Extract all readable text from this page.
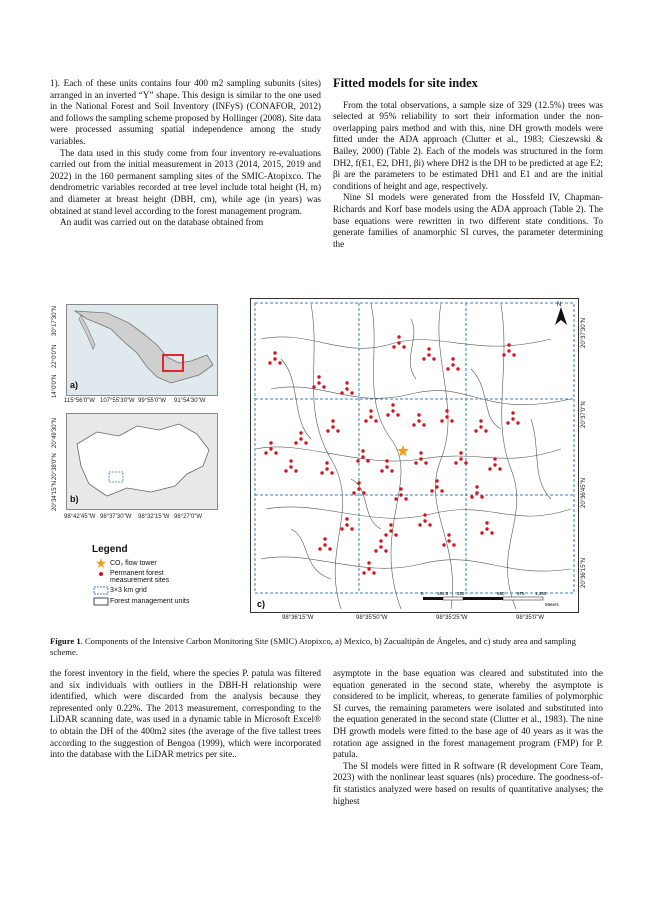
1). Each of these units contains four 400 m2 sampling subunits (sites) arranged in an inverted “Y” shape. This design is similar to the one used in the National Forest and Soil Inventory (INFyS) (CONAFOR, 2012) and follows the sampling scheme proposed by Hollinger (2008). Site data were processed assuming spatial independence among the study variables.

The data used in this study come from four inventory re-evaluations carried out from the initial measurement in 2013 (2014, 2015, 2019 and 2022) in the 160 permanent sampling sites of the SMIC-Atopixco. The dendrometric variables recorded at tree level include total height (H, m) and diameter at breast height (DBH, cm), while age (in years) was obtained at stand level according to the forest management program.

An audit was carried out on the database obtained from

Fitted models for site index

From the total observations, a sample size of 329 (12.5%) trees was selected at 95% reliability to sort their information under the non-overlapping pairs method and with this, nine DH growth models were fitted under the ADA approach (Clutter et al., 1983; Cieszewski & Bailey, 2000) (Table 2). Each of the models was structured in the form DH2, f(E1, E2, DH1, βi) where DH2 is the DH to be predicted at age E2; βi are the parameters to be estimated DH1 and E1 and are the initial conditions of height and age, respectively.

Nine SI models were generated from the Hossfeld IV, Chapman-Richards and Korf base models using the ADA approach (Table 2). The base equations were rewritten in two different state conditions. To generate families of anamorphic SI curves, the parameter determining the

a)
30°17'30"N
22°0'0"N
14°0'0"N
115°56'0"W 107°55'30"W 99°55'0"W 91°54'30"W
b)
20°49'30"N
20°38'0"N
20°34'15"N
98°42'45"W 98°37'30"W 98°32'15"W 98°27'0"W
Legend
CO₂ flow tower
Permanent forest measurement sites
3×3 km grid
Forest management units
N
0	162.5 325	650	975 1,300
Meters
c)
20°37'30"N
20°37'0"N
20°36'45"N
20°36'15"N
98°36'15"W	98°35'50"W	98°35'25"W	98°35'0"W
Figure 1. Components of the Intensive Carbon Monitoring Site (SMIC) Atopixco, a) Mexico, b) Zacualtipán de Ángeles, and c) study area and sampling scheme.

the forest inventory in the field, where the species P. patula was filtered and six individuals with outliers in the DBH-H relationship were identified, which were discarded from the analysis because they represented only 0.22%. The 2013 measurement, corresponding to the LiDAR scanning date, was used in a dynamic table in Microsoft Excel® to obtain the DH of the 400m2 sites (the average of the five tallest trees according to the suggestion of Bengoa (1999), which were incorporated into the database with the LiDAR metrics per site..

asymptote in the base equation was cleared and substituted into the equation generated in the second state, whereby the asymptote is considered to be implicit, whereas, to generate families of polymorphic SI curves, the remaining parameters were isolated and substituted into the equation generated in the second state (Clutter et al., 1983). The nine DH growth models were fitted to the base age of 40 years as it was the rotation age assigned in the forest management program (FMP) for P. patula.

The SI models were fitted in R software (R development Core Team, 2023) with the nonlinear least squares (nls) procedure. The goodness-of-fit statistics analyzed were based on results of quantitative analyses; the highest
